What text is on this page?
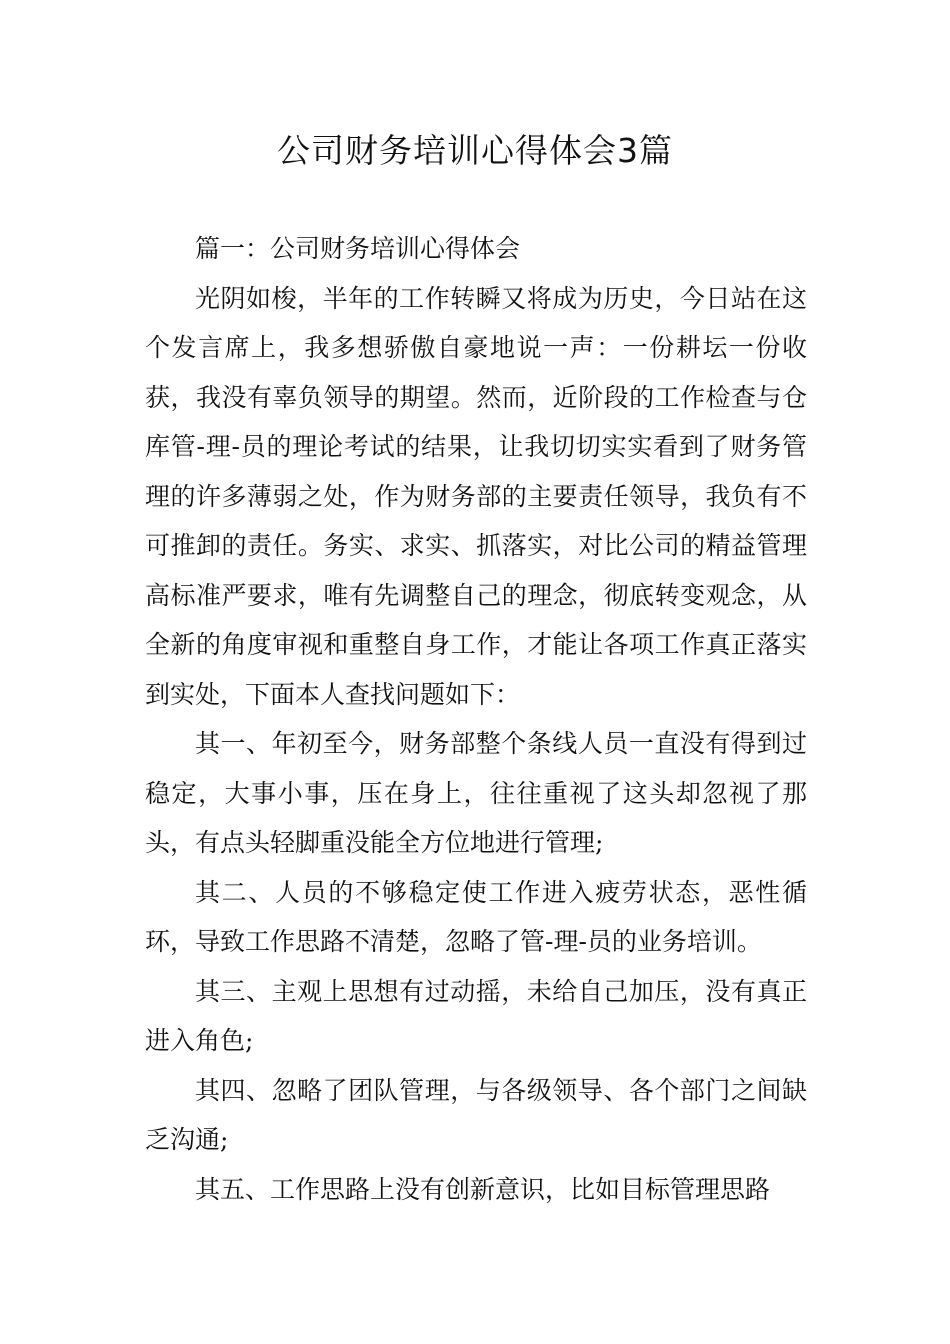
公司财务培训心得体会3篇

篇一：公司财务培训心得体会

光阴如梭，半年的工作转瞬又将成为历史，今日站在这个发言席上，我多想骄傲自豪地说一声：一份耕坛一份收获，我没有辜负领导的期望。然而，近阶段的工作检查与仓库管-理-员的理论考试的结果，让我切切实实看到了财务管理的许多薄弱之处，作为财务部的主要责任领导，我负有不可推卸的责任。务实、求实、抓落实，对比公司的精益管理高标准严要求，唯有先调整自己的理念，彻底转变观念，从全新的角度审视和重整自身工作，才能让各项工作真正落实到实处，下面本人查找问题如下：

其一、年初至今，财务部整个条线人员一直没有得到过稳定，大事小事，压在身上，往往重视了这头却忽视了那头，有点头轻脚重没能全方位地进行管理;

其二、人员的不够稳定使工作进入疲劳状态，恶性循环，导致工作思路不清楚，忽略了管-理-员的业务培训。

其三、主观上思想有过动摇，未给自己加压，没有真正进入角色;

其四、忽略了团队管理，与各级领导、各个部门之间缺乏沟通;

其五、工作思路上没有创新意识，比如目标管理思路
